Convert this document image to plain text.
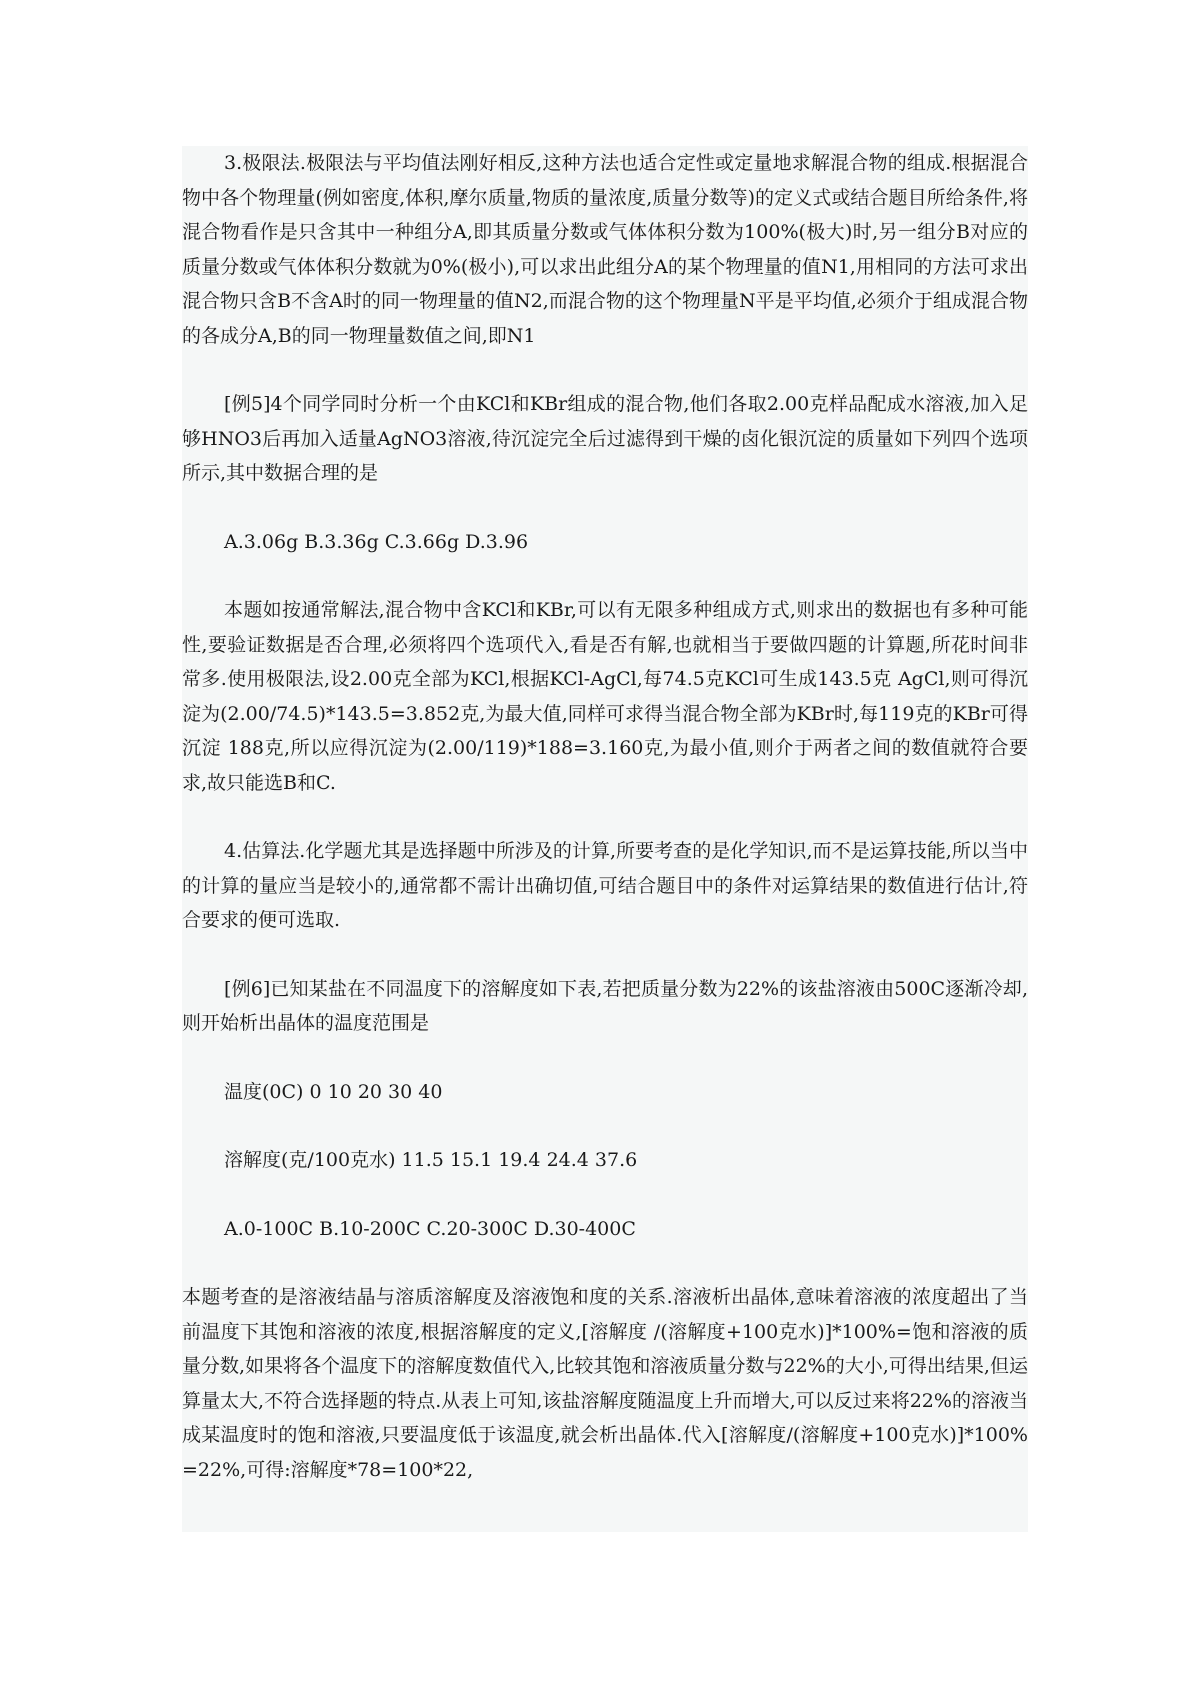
3.极限法.极限法与平均值法刚好相反,这种方法也适合定性或定量地求解混合物的组成.根据混合物中各个物理量(例如密度,体积,摩尔质量,物质的量浓度,质量分数等)的定义式或结合题目所给条件,将混合物看作是只含其中一种组分A,即其质量分数或气体体积分数为100%(极大)时,另一组分B对应的质量分数或气体体积分数就为0%(极小),可以求出此组分A的某个物理量的值N1,用相同的方法可求出混合物只含B不含A时的同一物理量的值N2,而混合物的这个物理量N平是平均值,必须介于组成混合物的各成分A,B的同一物理量数值之间,即N1

[例5]4个同学同时分析一个由KCl和KBr组成的混合物,他们各取2.00克样品配成水溶液,加入足够HNO3后再加入适量AgNO3溶液,待沉淀完全后过滤得到干燥的卤化银沉淀的质量如下列四个选项所示,其中数据合理的是

A.3.06g B.3.36g C.3.66g D.3.96

本题如按通常解法,混合物中含KCl和KBr,可以有无限多种组成方式,则求出的数据也有多种可能性,要验证数据是否合理,必须将四个选项代入,看是否有解,也就相当于要做四题的计算题,所花时间非常多.使用极限法,设2.00克全部为KCl,根据KCl-AgCl,每74.5克KCl可生成143.5克 AgCl,则可得沉淀为(2.00/74.5)*143.5=3.852克,为最大值,同样可求得当混合物全部为KBr时,每119克的KBr可得沉淀 188克,所以应得沉淀为(2.00/119)*188=3.160克,为最小值,则介于两者之间的数值就符合要求,故只能选B和C.

4.估算法.化学题尤其是选择题中所涉及的计算,所要考查的是化学知识,而不是运算技能,所以当中的计算的量应当是较小的,通常都不需计出确切值,可结合题目中的条件对运算结果的数值进行估计,符合要求的便可选取.

[例6]已知某盐在不同温度下的溶解度如下表,若把质量分数为22%的该盐溶液由500C逐渐冷却,则开始析出晶体的温度范围是

温度(0C) 0 10 20 30 40

溶解度(克/100克水) 11.5 15.1 19.4 24.4 37.6

A.0-100C B.10-200C C.20-300C D.30-400C

本题考查的是溶液结晶与溶质溶解度及溶液饱和度的关系.溶液析出晶体,意味着溶液的浓度超出了当前温度下其饱和溶液的浓度,根据溶解度的定义,[溶解度 /(溶解度+100克水)]*100%=饱和溶液的质量分数,如果将各个温度下的溶解度数值代入,比较其饱和溶液质量分数与22%的大小,可得出结果,但运算量太大,不符合选择题的特点.从表上可知,该盐溶解度随温度上升而增大,可以反过来将22%的溶液当成某温度时的饱和溶液,只要温度低于该温度,就会析出晶体.代入[溶解度/(溶解度+100克水)]*100%=22%,可得:溶解度*78=100*22,
